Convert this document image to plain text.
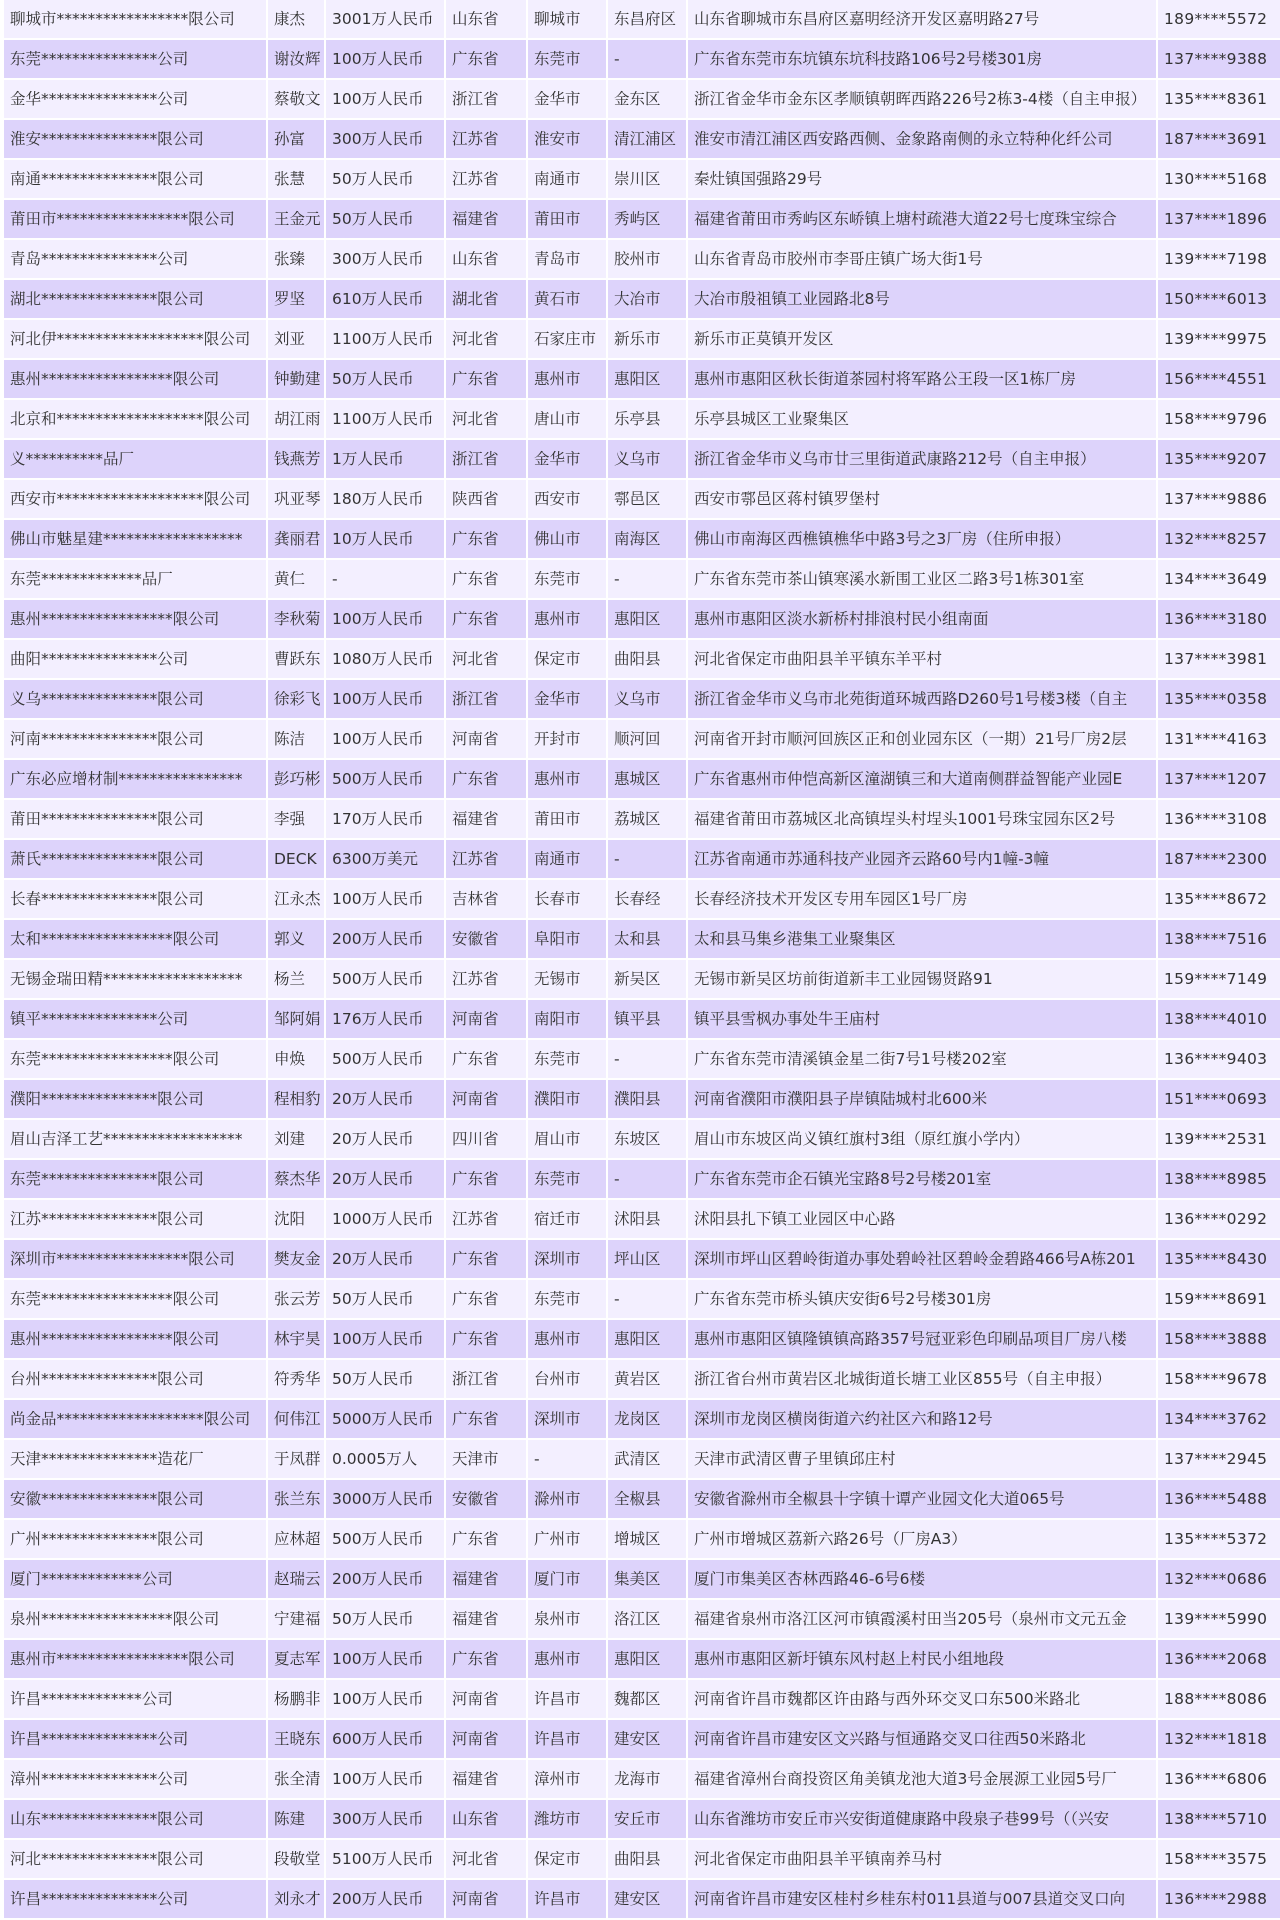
聊城市*****************限公司	康杰	3001万人民币	山东省	聊城市	东昌府区	山东省聊城市东昌府区嘉明经济开发区嘉明路27号	189****5572
东莞***************公司	谢汝辉	100万人民币	广东省	东莞市	-	广东省东莞市东坑镇东坑科技路106号2号楼301房	137****9388
金华***************公司	蔡敬文	100万人民币	浙江省	金华市	金东区	浙江省金华市金东区孝顺镇朝晖西路226号2栋3-4楼（自主申报）	135****8361
淮安***************限公司	孙富	300万人民币	江苏省	淮安市	清江浦区	淮安市清江浦区西安路西侧、金象路南侧的永立特种化纤公司	187****3691
南通***************限公司	张慧	50万人民币	江苏省	南通市	崇川区	秦灶镇国强路29号	130****5168
莆田市*****************限公司	王金元	50万人民币	福建省	莆田市	秀屿区	福建省莆田市秀屿区东峤镇上塘村疏港大道22号七度珠宝综合	137****1896
青岛***************公司	张臻	300万人民币	山东省	青岛市	胶州市	山东省青岛市胶州市李哥庄镇广场大街1号	139****7198
湖北***************限公司	罗坚	610万人民币	湖北省	黄石市	大冶市	大冶市殷祖镇工业园路北8号	150****6013
河北伊*******************限公司	刘亚	1100万人民币	河北省	石家庄市	新乐市	新乐市正莫镇开发区	139****9975
惠州*****************限公司	钟勤建	50万人民币	广东省	惠州市	惠阳区	惠州市惠阳区秋长街道茶园村将军路公王段一区1栋厂房	156****4551
北京和*******************限公司	胡江雨	1100万人民币	河北省	唐山市	乐亭县	乐亭县城区工业聚集区	158****9796
义**********品厂	钱燕芳	1万人民币	浙江省	金华市	义乌市	浙江省金华市义乌市廿三里街道武康路212号（自主申报）	135****9207
西安市*******************限公司	巩亚琴	180万人民币	陕西省	西安市	鄠邑区	西安市鄠邑区蒋村镇罗堡村	137****9886
佛山市魅星建******************	龚丽君	10万人民币	广东省	佛山市	南海区	佛山市南海区西樵镇樵华中路3号之3厂房（住所申报）	132****8257
东莞*************品厂	黄仁	-	广东省	东莞市	-	广东省东莞市茶山镇寒溪水新围工业区二路3号1栋301室	134****3649
惠州*****************限公司	李秋菊	100万人民币	广东省	惠州市	惠阳区	惠州市惠阳区淡水新桥村排浪村民小组南面	136****3180
曲阳***************公司	曹跃东	1080万人民币	河北省	保定市	曲阳县	河北省保定市曲阳县羊平镇东羊平村	137****3981
义乌***************限公司	徐彩飞	100万人民币	浙江省	金华市	义乌市	浙江省金华市义乌市北苑街道环城西路D260号1号楼3楼（自主	135****0358
河南***************限公司	陈洁	100万人民币	河南省	开封市	顺河回	河南省开封市顺河回族区正和创业园东区（一期）21号厂房2层	131****4163
广东必应增材制****************	彭巧彬	500万人民币	广东省	惠州市	惠城区	广东省惠州市仲恺高新区潼湖镇三和大道南侧群益智能产业园E	137****1207
莆田***************限公司	李强	170万人民币	福建省	莆田市	荔城区	福建省莆田市荔城区北高镇埕头村埕头1001号珠宝园东区2号	136****3108
萧氏***************限公司	DECK	6300万美元	江苏省	南通市	-	江苏省南通市苏通科技产业园齐云路60号内1幢-3幢	187****2300
长春***************限公司	江永杰	100万人民币	吉林省	长春市	长春经	长春经济技术开发区专用车园区1号厂房	135****8672
太和*****************限公司	郭义	200万人民币	安徽省	阜阳市	太和县	太和县马集乡港集工业聚集区	138****7516
无锡金瑞田精******************	杨兰	500万人民币	江苏省	无锡市	新吴区	无锡市新吴区坊前街道新丰工业园锡贤路91	159****7149
镇平***************公司	邹阿娟	176万人民币	河南省	南阳市	镇平县	镇平县雪枫办事处牛王庙村	138****4010
东莞*****************限公司	申焕	500万人民币	广东省	东莞市	-	广东省东莞市清溪镇金星二街7号1号楼202室	136****9403
濮阳***************限公司	程相豹	20万人民币	河南省	濮阳市	濮阳县	河南省濮阳市濮阳县子岸镇陆城村北600米	151****0693
眉山吉泽工艺******************	刘建	20万人民币	四川省	眉山市	东坡区	眉山市东坡区尚义镇红旗村3组（原红旗小学内）	139****2531
东莞***************限公司	蔡杰华	20万人民币	广东省	东莞市	-	广东省东莞市企石镇光宝路8号2号楼201室	138****8985
江苏***************限公司	沈阳	1000万人民币	江苏省	宿迁市	沭阳县	沭阳县扎下镇工业园区中心路	136****0292
深圳市*****************限公司	樊友金	20万人民币	广东省	深圳市	坪山区	深圳市坪山区碧岭街道办事处碧岭社区碧岭金碧路466号A栋201	135****8430
东莞*****************限公司	张云芳	50万人民币	广东省	东莞市	-	广东省东莞市桥头镇庆安街6号2号楼301房	159****8691
惠州*****************限公司	林宇昊	100万人民币	广东省	惠州市	惠阳区	惠州市惠阳区镇隆镇镇高路357号冠亚彩色印刷品项目厂房八楼	158****3888
台州***************限公司	符秀华	50万人民币	浙江省	台州市	黄岩区	浙江省台州市黄岩区北城街道长塘工业区855号（自主申报）	158****9678
尚金品*******************限公司	何伟江	5000万人民币	广东省	深圳市	龙岗区	深圳市龙岗区横岗街道六约社区六和路12号	134****3762
天津***************造花厂	于凤群	0.0005万人	天津市	-	武清区	天津市武清区曹子里镇邱庄村	137****2945
安徽***************限公司	张兰东	3000万人民币	安徽省	滁州市	全椒县	安徽省滁州市全椒县十字镇十谭产业园文化大道065号	136****5488
广州***************限公司	应林超	500万人民币	广东省	广州市	增城区	广州市增城区荔新六路26号（厂房A3）	135****5372
厦门*************公司	赵瑞云	200万人民币	福建省	厦门市	集美区	厦门市集美区杏林西路46-6号6楼	132****0686
泉州*****************限公司	宁建福	50万人民币	福建省	泉州市	洛江区	福建省泉州市洛江区河市镇霞溪村田当205号（泉州市文元五金	139****5990
惠州市*****************限公司	夏志军	100万人民币	广东省	惠州市	惠阳区	惠州市惠阳区新圩镇东风村赵上村民小组地段	136****2068
许昌*************公司	杨鹏非	100万人民币	河南省	许昌市	魏都区	河南省许昌市魏都区许由路与西外环交叉口东500米路北	188****8086
许昌***************公司	王晓东	600万人民币	河南省	许昌市	建安区	河南省许昌市建安区文兴路与恒通路交叉口往西50米路北	132****1818
漳州***************公司	张全清	100万人民币	福建省	漳州市	龙海市	福建省漳州台商投资区角美镇龙池大道3号金展源工业园5号厂	136****6806
山东***************限公司	陈建	300万人民币	山东省	潍坊市	安丘市	山东省潍坊市安丘市兴安街道健康路中段泉子巷99号（（兴安	138****5710
河北***************限公司	段敬堂	5100万人民币	河北省	保定市	曲阳县	河北省保定市曲阳县羊平镇南养马村	158****3575
许昌***************公司	刘永才	200万人民币	河南省	许昌市	建安区	河南省许昌市建安区桂村乡桂东村011县道与007县道交叉口向	136****2988
